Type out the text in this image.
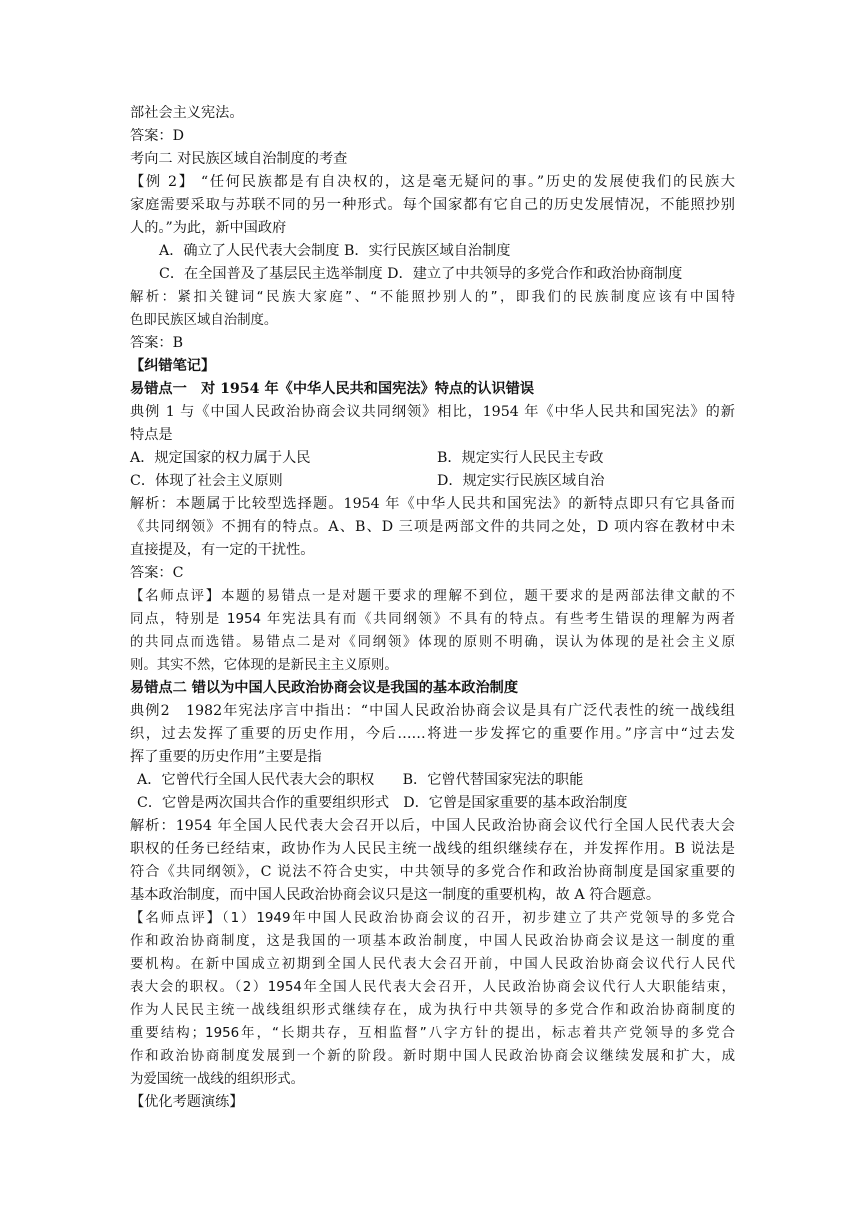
部社会主义宪法。
答案：D
考向二 对民族区域自治制度的考查
【例 2】 “任何民族都是有自决权的，这是毫无疑问的事。”历史的发展使我们的民族大
家庭需要采取与苏联不同的另一种形式。每个国家都有它自己的历史发展情况，不能照抄别
人的。”为此，新中国政府
A．确立了人民代表大会制度 B．实行民族区域自治制度
C．在全国普及了基层民主选举制度 D．建立了中共领导的多党合作和政治协商制度
解析：紧扣关键词“民族大家庭”、“不能照抄别人的”，即我们的民族制度应该有中国特
色即民族区域自治制度。
答案：B
【纠错笔记】
易错点一　对 1954 年《中华人民共和国宪法》特点的认识错误
典例 1 与《中国人民政治协商会议共同纲领》相比，1954 年《中华人民共和国宪法》的新
特点是
A．规定国家的权力属于人民	B．规定实行人民民主专政
C．体现了社会主义原则	D．规定实行民族区域自治
解析：本题属于比较型选择题。1954 年《中华人民共和国宪法》的新特点即只有它具备而
《共同纲领》不拥有的特点。A、B、D 三项是两部文件的共同之处，D 项内容在教材中未
直接提及，有一定的干扰性。
答案：C
【名师点评】本题的易错点一是对题干要求的理解不到位，题干要求的是两部法律文献的不
同点，特别是 1954 年宪法具有而《共同纲领》不具有的特点。有些考生错误的理解为两者
的共同点而选错。易错点二是对《同纲领》体现的原则不明确，误认为体现的是社会主义原
则。其实不然，它体现的是新民主主义原则。
易错点二 错以为中国人民政治协商会议是我国的基本政治制度
典例2　1982年宪法序言中指出：“中国人民政治协商会议是具有广泛代表性的统一战线组
织，过去发挥了重要的历史作用，今后……将进一步发挥它的重要作用。”序言中“过去发
挥了重要的历史作用”主要是指
A．它曾代行全国人民代表大会的职权　　B．它曾代替国家宪法的职能
C．它曾是两次国共合作的重要组织形式　D．它曾是国家重要的基本政治制度
解析：1954 年全国人民代表大会召开以后，中国人民政治协商会议代行全国人民代表大会
职权的任务已经结束，政协作为人民民主统一战线的组织继续存在，并发挥作用。B 说法是
符合《共同纲领》，C 说法不符合史实，中共领导的多党合作和政治协商制度是国家重要的
基本政治制度，而中国人民政治协商会议只是这一制度的重要机构，故 A 符合题意。
【名师点评】（1）1949年中国人民政治协商会议的召开，初步建立了共产党领导的多党合
作和政治协商制度，这是我国的一项基本政治制度，中国人民政治协商会议是这一制度的重
要机构。在新中国成立初期到全国人民代表大会召开前，中国人民政治协商会议代行人民代
表大会的职权。（2）1954年全国人民代表大会召开，人民政治协商会议代行人大职能结束，
作为人民民主统一战线组织形式继续存在，成为执行中共领导的多党合作和政治协商制度的
重要结构；1956年，“长期共存，互相监督”八字方针的提出，标志着共产党领导的多党合
作和政治协商制度发展到一个新的阶段。新时期中国人民政治协商会议继续发展和扩大，成
为爱国统一战线的组织形式。
【优化考题演练】
